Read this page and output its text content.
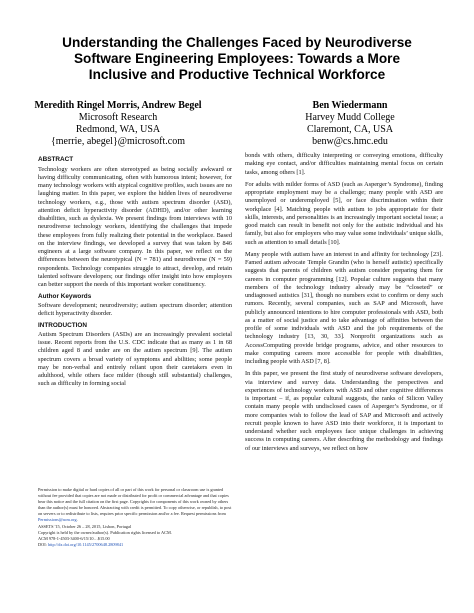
Understanding the Challenges Faced by Neurodiverse
Software Engineering Employees: Towards a More
Inclusive and Productive Technical Workforce
Meredith Ringel Morris, Andrew Begel
Microsoft Research
Redmond, WA, USA
{merrie, abegel}@microsoft.com
Ben Wiedermann
Harvey Mudd College
Claremont, CA, USA
benw@cs.hmc.edu
ABSTRACT
Technology workers are often stereotyped as being socially awkward or having difficulty communicating, often with humorous intent; however, for many technology workers with atypical cognitive profiles, such issues are no laughing matter. In this paper, we explore the hidden lives of neurodiverse technology workers, e.g., those with autism spectrum disorder (ASD), attention deficit hyperactivity disorder (ADHD), and/or other learning disabilities, such as dyslexia. We present findings from interviews with 10 neurodiverse technology workers, identifying the challenges that impede these employees from fully realizing their potential in the workplace. Based on the interview findings, we developed a survey that was taken by 846 engineers at a large software company. In this paper, we reflect on the differences between the neurotypical (N = 781) and neurodiverse (N = 59) respondents. Technology companies struggle to attract, develop, and retain talented software developers; our findings offer insight into how employers can better support the needs of this important worker constituency.
Author Keywords
Software development; neurodiversity; autism spectrum disorder; attention deficit hyperactivity disorder.
INTRODUCTION
Autism Spectrum Disorders (ASDs) are an increasingly prevalent societal issue. Recent reports from the U.S. CDC indicate that as many as 1 in 68 children aged 8 and under are on the autism spectrum [9]. The autism spectrum covers a broad variety of symptoms and abilities; some people may be non-verbal and entirely reliant upon their caretakers even in adulthood, while others face milder (though still substantial) challenges, such as difficulty in forming social
Permission to make digital or hard copies of all or part of this work for personal or classroom use is granted without fee provided that copies are not made or distributed for profit or commercial advantage and that copies bear this notice and the full citation on the first page. Copyrights for components of this work owned by others than the author(s) must be honored. Abstracting with credit is permitted. To copy otherwise, or republish, to post on servers or to redistribute to lists, requires prior specific permission and/or a fee. Request permissions from Permissions@acm.org.
ASSETS '15, October 26 – 28, 2015, Lisbon, Portugal
Copyright is held by the owner/author(s). Publication rights licensed to ACM.
ACM 978-1-4503-3400-6/15/10…$15.00
DOI: http://dx.doi.org/10.1145/2700648.2809841
bonds with others, difficulty interpreting or conveying emotions, difficulty making eye contact, and/or difficulties maintaining mental focus on certain tasks, among others [1].
For adults with milder forms of ASD (such as Asperger’s Syndrome), finding appropriate employment may be a challenge; many people with ASD are unemployed or underemployed [5], or face discrimination within their workplace [4]. Matching people with autism to jobs appropriate for their skills, interests, and personalities is an increasingly important societal issue; a good match can result in benefit not only for the autistic individual and his family, but also for employers who may value some individuals’ unique skills, such as attention to small details [10].
Many people with autism have an interest in and affinity for technology [23]. Famed autism advocate Temple Grandin (who is herself autistic) specifically suggests that parents of children with autism consider preparing them for careers in computer programming [12]. Popular culture suggests that many members of the technology industry already may be “closeted” or undiagnosed autistics [31], though no numbers exist to confirm or deny such rumors. Recently, several companies, such as SAP and Microsoft, have publicly announced intentions to hire computer professionals with ASD, both as a matter of social justice and to take advantage of affinities between the profile of some individuals with ASD and the job requirements of the technology industry [13, 30, 33]. Nonprofit organizations such as AccessComputing provide bridge programs, advice, and other resources to make computing careers more accessible for people with disabilities, including people with ASD [7, 8].
In this paper, we present the first study of neurodiverse software developers, via interview and survey data. Understanding the perspectives and experiences of technology workers with ASD and other cognitive differences is important – if, as popular cultural suggests, the ranks of Silicon Valley contain many people with undisclosed cases of Asperger’s Syndrome, or if more companies wish to follow the lead of SAP and Microsoft and actively recruit people known to have ASD into their workforce, it is important to understand whether such employees face unique challenges in achieving success in computing careers. After describing the methodology and findings of our interviews and surveys, we reflect on how
